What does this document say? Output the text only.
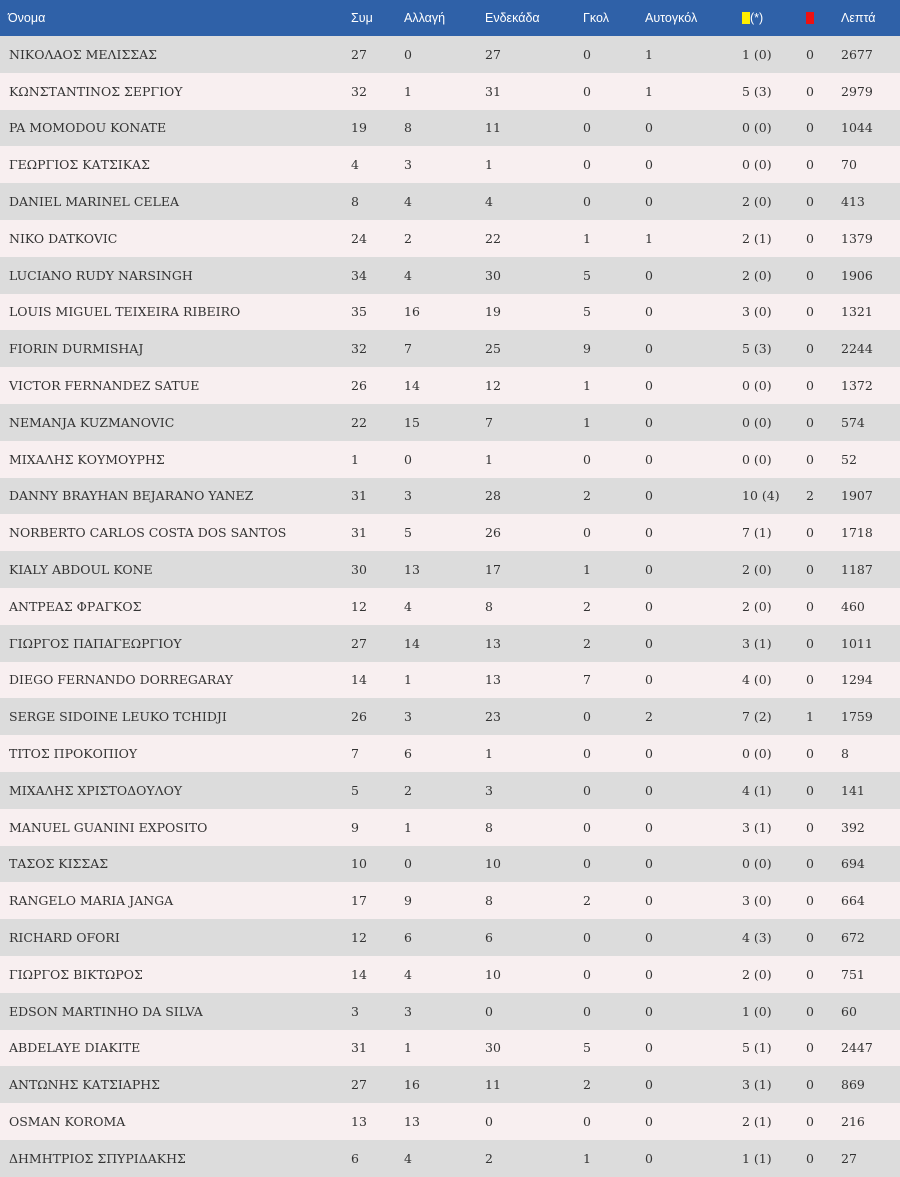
Όνομα	Συμ	Αλλαγή	Ενδεκάδα	Γκολ	Αυτογκόλ	(*)		Λεπτά
ΝΙΚΟΛΑΟΣ ΜΕΛΙΣΣΑΣ	27	0	27	0	1	1 (0)	0	2677
ΚΩΝΣΤΑΝΤΙΝΟΣ ΣΕΡΓΙΟΥ	32	1	31	0	1	5 (3)	0	2979
PA MOMODOU KONATE	19	8	11	0	0	0 (0)	0	1044
ΓΕΩΡΓΙΟΣ ΚΑΤΣΙΚΑΣ	4	3	1	0	0	0 (0)	0	70
DANIEL MARINEL CELEA	8	4	4	0	0	2 (0)	0	413
NIKO DATKOVIC	24	2	22	1	1	2 (1)	0	1379
LUCIANO RUDY NARSINGH	34	4	30	5	0	2 (0)	0	1906
LOUIS MIGUEL TEIXEIRA RIBEIRO	35	16	19	5	0	3 (0)	0	1321
FIORIN DURMISHAJ	32	7	25	9	0	5 (3)	0	2244
VICTOR FERNANDEZ SATUE	26	14	12	1	0	0 (0)	0	1372
NEMANJA KUZMANOVIC	22	15	7	1	0	0 (0)	0	574
ΜΙΧΑΛΗΣ ΚΟΥΜΟΥΡΗΣ	1	0	1	0	0	0 (0)	0	52
DANNY BRAYHAN BEJARANO YANEZ	31	3	28	2	0	10 (4)	2	1907
NORBERTO CARLOS COSTA DOS SANTOS	31	5	26	0	0	7 (1)	0	1718
KIALY ABDOUL KONE	30	13	17	1	0	2 (0)	0	1187
ΑΝΤΡΕΑΣ ΦΡΑΓΚΟΣ	12	4	8	2	0	2 (0)	0	460
ΓΙΩΡΓΟΣ ΠΑΠΑΓΕΩΡΓΙΟΥ	27	14	13	2	0	3 (1)	0	1011
DIEGO FERNANDO DORREGARAY	14	1	13	7	0	4 (0)	0	1294
SERGE SIDOINE LEUKO TCHIDJI	26	3	23	0	2	7 (2)	1	1759
ΤΙΤΟΣ ΠΡΟΚΟΠΙΟΥ	7	6	1	0	0	0 (0)	0	8
ΜΙΧΑΛΗΣ ΧΡΙΣΤΟΔΟΥΛΟΥ	5	2	3	0	0	4 (1)	0	141
MANUEL GUANINI EXPOSITO	9	1	8	0	0	3 (1)	0	392
ΤΑΣΟΣ ΚΙΣΣΑΣ	10	0	10	0	0	0 (0)	0	694
RANGELO MARIA JANGA	17	9	8	2	0	3 (0)	0	664
RICHARD OFORI	12	6	6	0	0	4 (3)	0	672
ΓΙΩΡΓΟΣ ΒΙΚΤΩΡΟΣ	14	4	10	0	0	2 (0)	0	751
EDSON MARTINHO DA SILVA	3	3	0	0	0	1 (0)	0	60
ABDELAYE DIAKITE	31	1	30	5	0	5 (1)	0	2447
ΑΝΤΩΝΗΣ ΚΑΤΣΙΑΡΗΣ	27	16	11	2	0	3 (1)	0	869
OSMAN KOROMA	13	13	0	0	0	2 (1)	0	216
ΔΗΜΗΤΡΙΟΣ ΣΠΥΡΙΔΑΚΗΣ	6	4	2	1	0	1 (1)	0	27
